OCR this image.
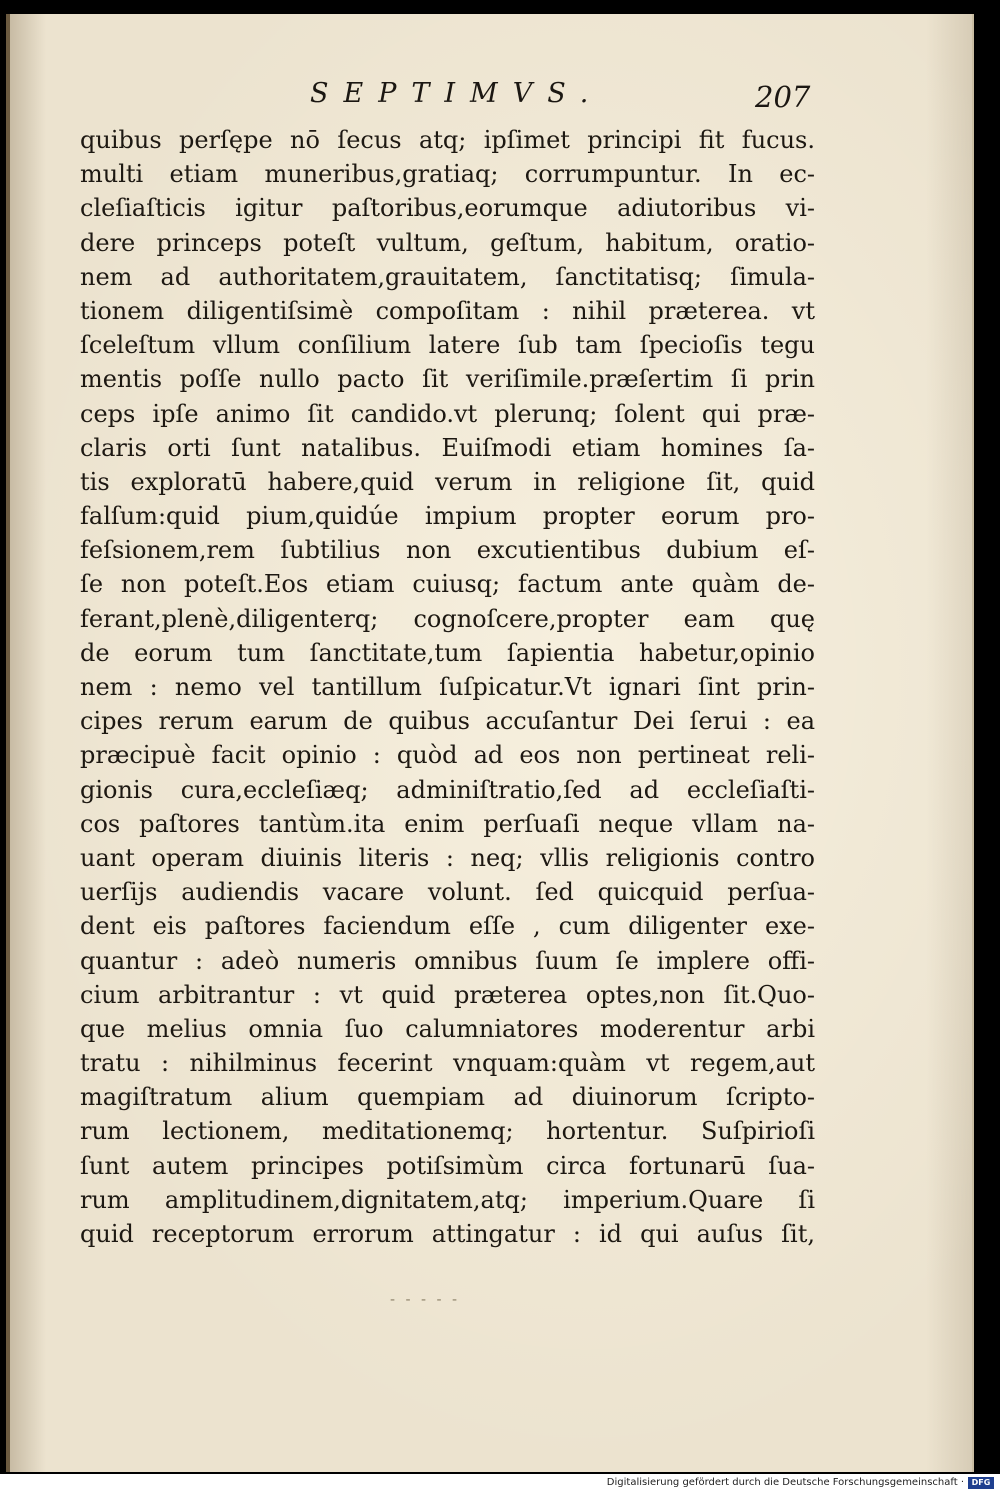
SEPTIMVS.	207
quibus perſępe nō ſecus atq; ipſimet principi fit fucus.
multi etiam muneribus,gratiaq; corrumpuntur. In ec-
cleſiaſticis igitur paſtoribus,eorumque adiutoribus vi-
dere princeps poteſt vultum, geſtum, habitum, oratio-
nem ad authoritatem,grauitatem, ſanctitatisq; ſimula-
tionem diligentiſsimè compoſitam : nihil præterea. vt
ſceleſtum vllum conſilium latere ſub tam ſpecioſis tegu
mentis poſſe nullo pacto ſit veriſimile.præſertim ſi prin
ceps ipſe animo ſit candido.vt plerunq; ſolent qui præ-
claris orti ſunt natalibus. Euiſmodi etiam homines ſa-
tis exploratū habere,quid verum in religione ſit, quid
falſum:quid pium,quidúe impium propter eorum pro-
feſsionem,rem ſubtilius non excutientibus dubium eſ-
ſe non poteſt.Eos etiam cuiusq; factum ante quàm de-
ferant,plenè,diligenterq; cognoſcere,propter eam quę
de eorum tum ſanctitate,tum ſapientia habetur,opinio
nem : nemo vel tantillum ſuſpicatur.Vt ignari ſint prin-
cipes rerum earum de quibus accuſantur Dei ſerui : ea
præcipuè facit opinio : quòd ad eos non pertineat reli-
gionis cura,eccleſiæq; adminiſtratio,ſed ad eccleſiaſti-
cos paſtores tantùm.ita enim perſuaſi neque vllam na-
uant operam diuinis literis : neq; vllis religionis contro
uerſijs audiendis vacare volunt. ſed quicquid perſua-
dent eis paſtores faciendum eſſe , cum diligenter exe-
quantur : adeò numeris omnibus ſuum ſe implere offi-
cium arbitrantur : vt quid præterea optes,non ſit.Quo-
que melius omnia ſuo calumniatores moderentur arbi
tratu : nihilminus fecerint vnquam:quàm vt regem,aut
magiſtratum alium quempiam ad diuinorum ſcripto-
rum lectionem, meditationemq; hortentur. Suſpirioſi
ſunt autem principes potiſsimùm circa fortunarū ſua-
rum amplitudinem,dignitatem,atq; imperium.Quare ſi
quid receptorum errorum attingatur : id qui auſus ſit,
- - - - -
Digitalisierung gefördert durch die Deutsche Forschungsgemeinschaft · DFG
